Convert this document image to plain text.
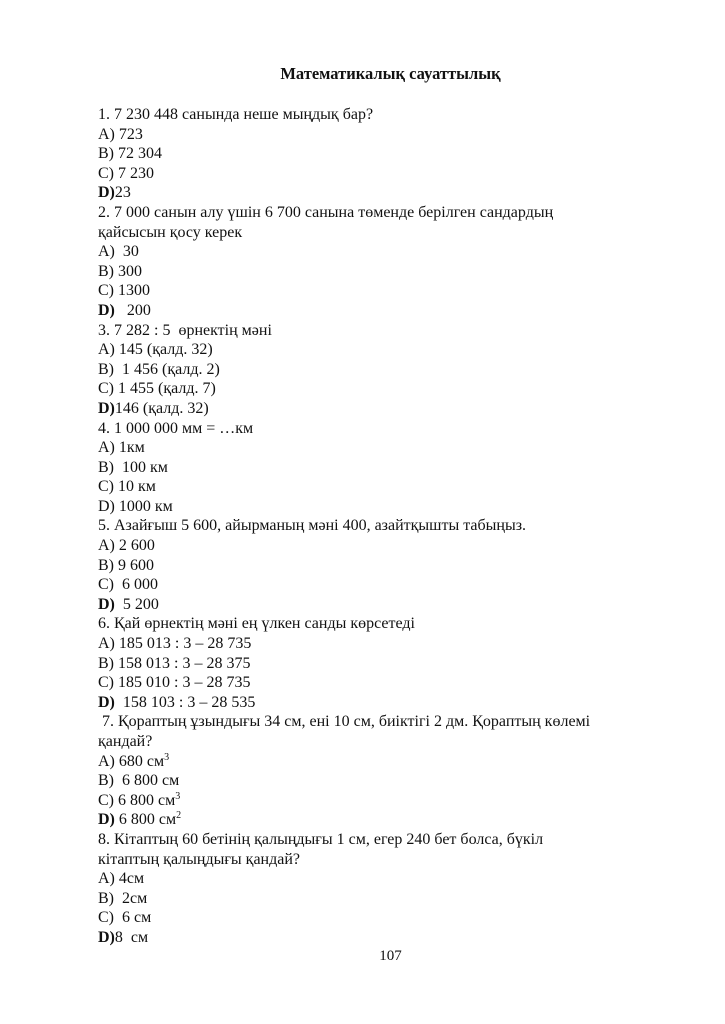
Математикалық сауаттылық
1. 7 230 448 санында неше мыңдық бар?
A) 723
B) 72 304
C) 7 230
D)23
2. 7 000 санын алу үшін 6 700 санына төменде берілген сандардың
қайсысын қосу керек
A)  30
B) 300
C) 1300
D)   200
3. 7 282 : 5  өрнектің мәні
A) 145 (қалд. 32)
B)  1 456 (қалд. 2)
C) 1 455 (қалд. 7)
D)146 (қалд. 32)
4. 1 000 000 мм = …км
A) 1км
B)  100 км
C) 10 км
D) 1000 км
5. Азайғыш 5 600, айырманың мәні 400, азайтқышты табыңыз.
A) 2 600
B) 9 600
C)  6 000
D)  5 200
6. Қай өрнектің мәні ең үлкен санды көрсетеді
A) 185 013 : 3 – 28 735
B) 158 013 : 3 – 28 375
C) 185 010 : 3 – 28 735
D)  158 103 : 3 – 28 535
7. Қораптың ұзындығы 34 см, ені 10 см, биіктігі 2 дм. Қораптың көлемі
қандай?
A) 680 $см^3$
B)  6 800 см
C) 6 800 $см^3$
D) 6 800 $см^2$
8. Кітаптың 60 бетінің қалыңдығы 1 см, егер 240 бет болса, бүкіл
кітаптың қалыңдығы қандай?
A) 4см
B)  2см
C)  6 см
D)8  см
107
